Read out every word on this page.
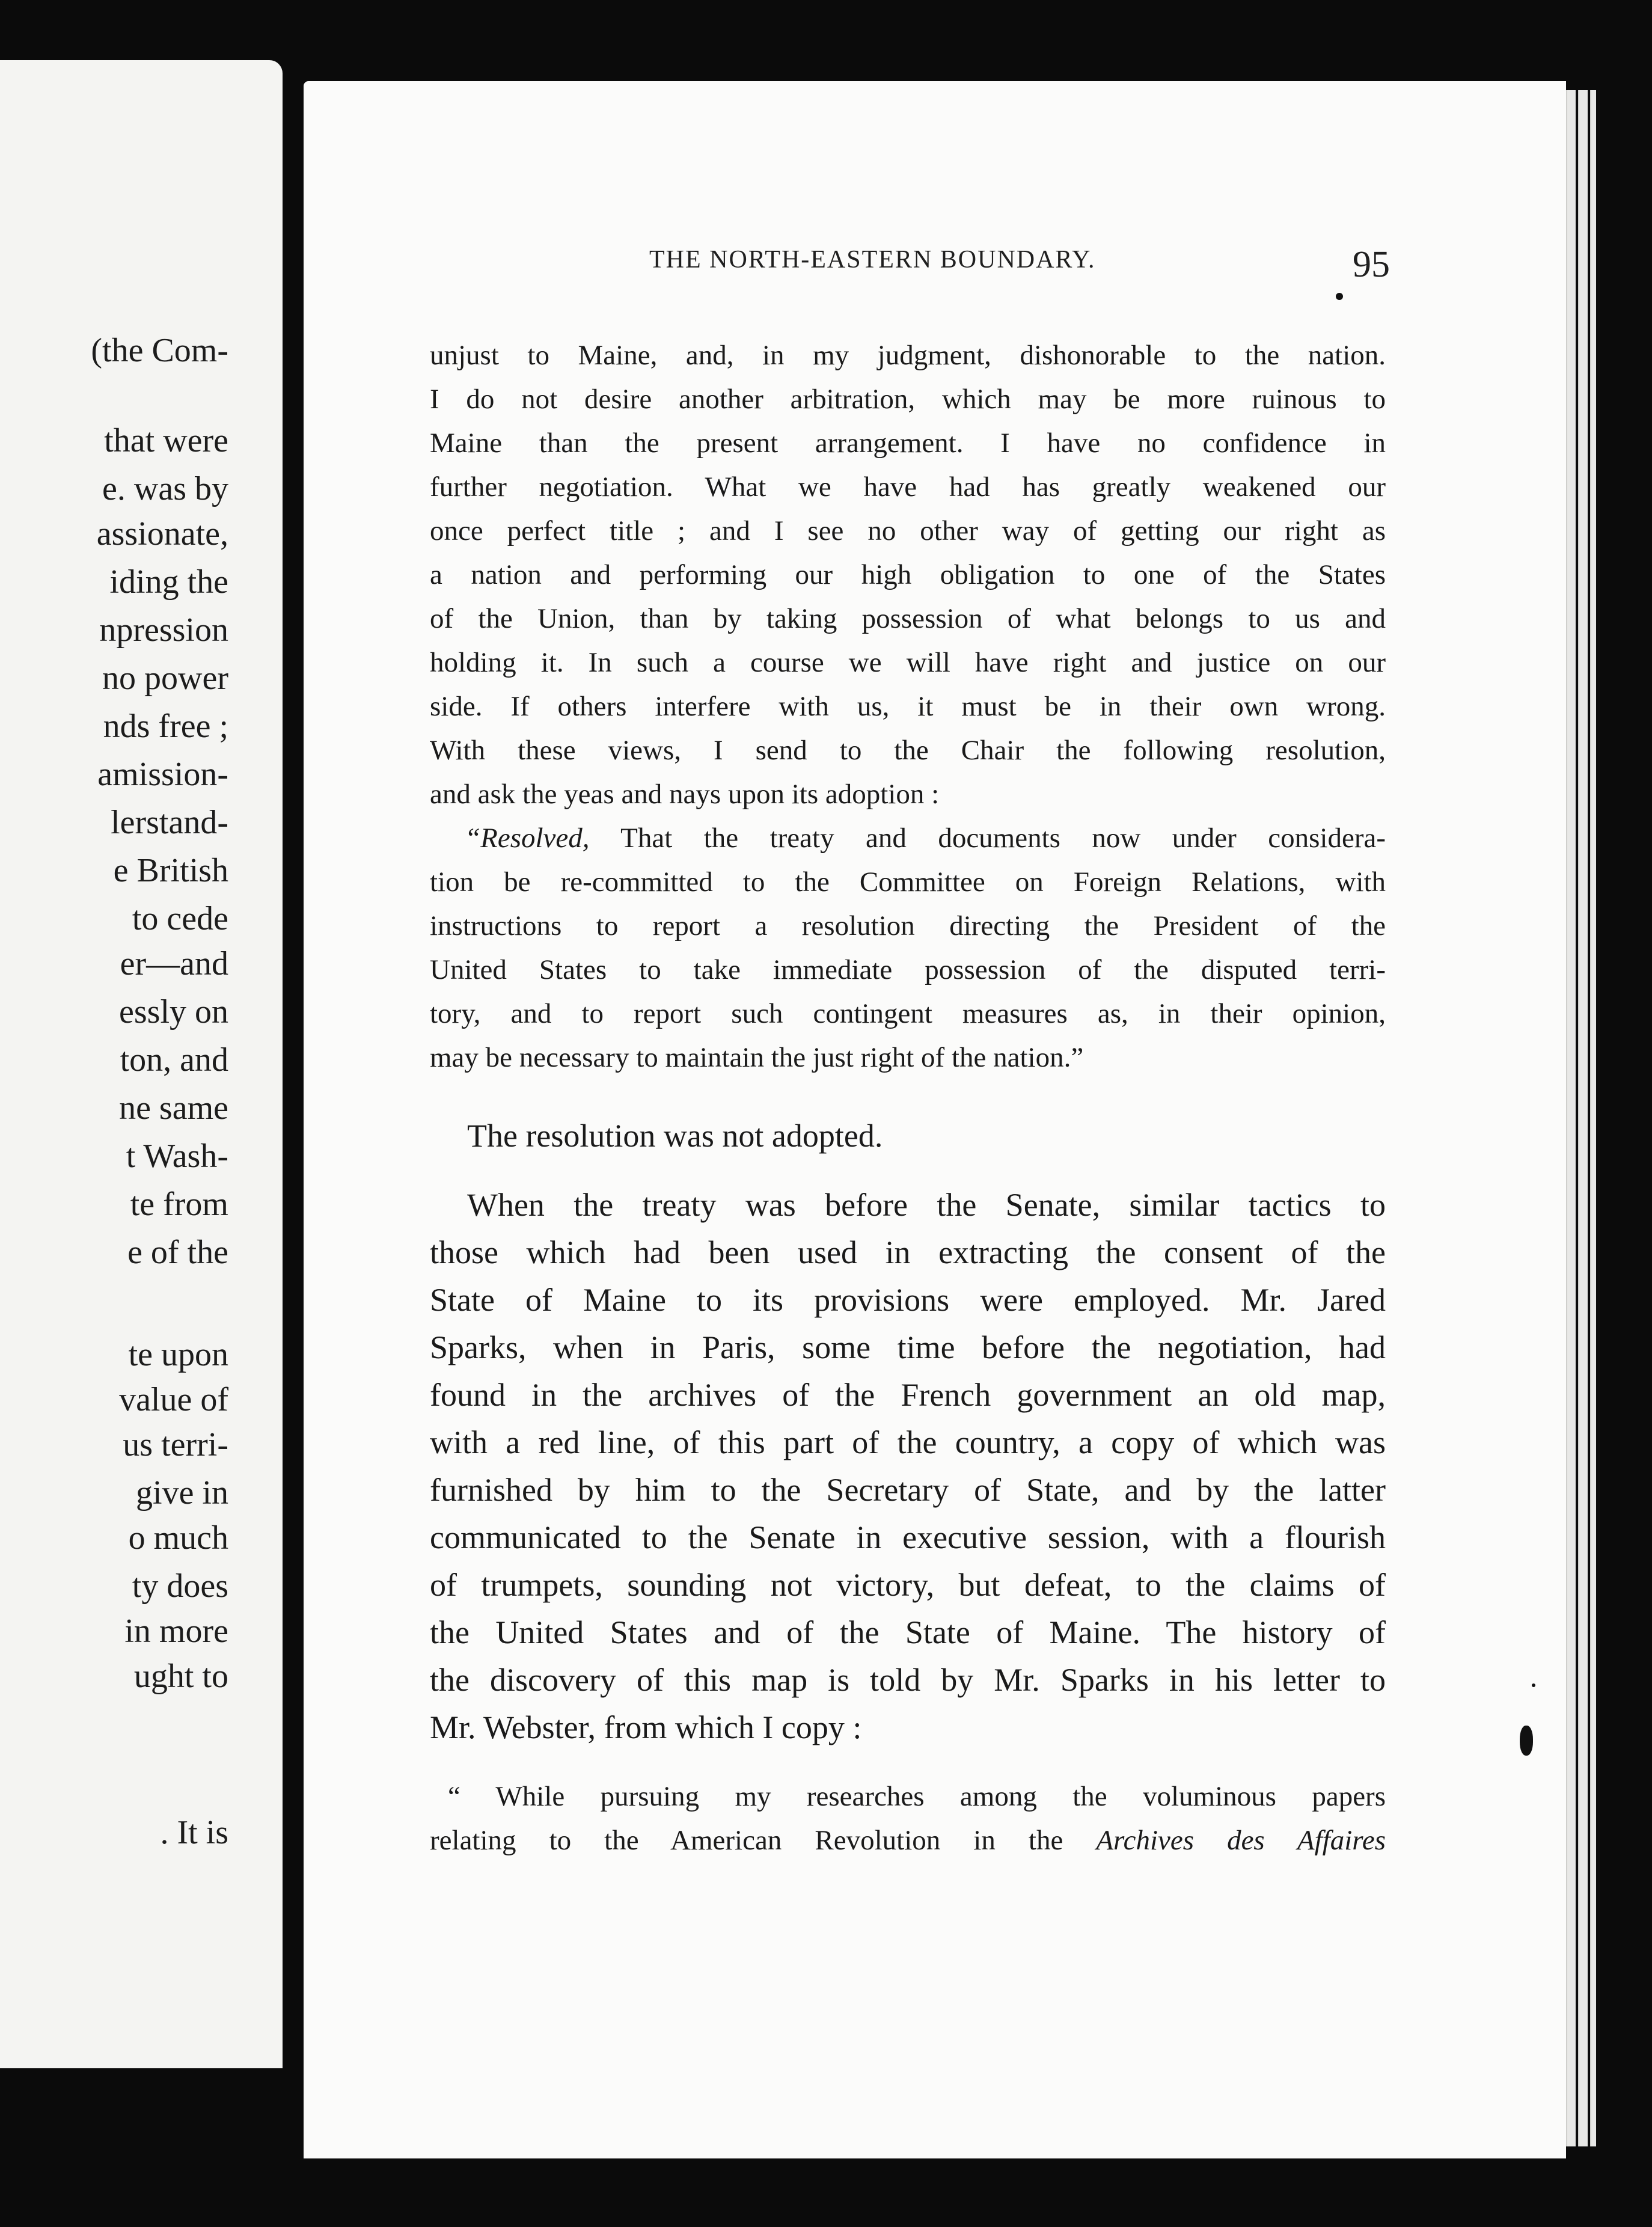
(the Com-
that were
e. was by
assionate,
iding the
npression
no power
nds free ;
amission-
lerstand-
e British
to cede
er—and
essly on
ton, and
ne same
t Wash-
te from
e of the
te upon
value of
us terri-
give in
o much
ty does
in more
ught to
. It is
THE NORTH-EASTERN BOUNDARY.	95
unjust to Maine, and, in my judgment, dishonorable to the nation.
I do not desire another arbitration, which may be more ruinous to
Maine than the present arrangement. I have no confidence in
further negotiation. What we have had has greatly weakened our
once perfect title ; and I see no other way of getting our right as
a nation and performing our high obligation to one of the States
of the Union, than by taking possession of what belongs to us and
holding it. In such a course we will have right and justice on our
side. If others interfere with us, it must be in their own wrong.
With these views, I send to the Chair the following resolution,
and ask the yeas and nays upon its adoption :
“Resolved, That the treaty and documents now under considera-
tion be re-committed to the Committee on Foreign Relations, with
instructions to report a resolution directing the President of the
United States to take immediate possession of the disputed terri-
tory, and to report such contingent measures as, in their opinion,
may be necessary to maintain the just right of the nation.”
The resolution was not adopted.
When the treaty was before the Senate, similar tactics to
those which had been used in extracting the consent of the
State of Maine to its provisions were employed. Mr. Jared
Sparks, when in Paris, some time before the negotiation, had
found in the archives of the French government an old map,
with a red line, of this part of the country, a copy of which was
furnished by him to the Secretary of State, and by the latter
communicated to the Senate in executive session, with a flourish
of trumpets, sounding not victory, but defeat, to the claims of
the United States and of the State of Maine. The history of
the discovery of this map is told by Mr. Sparks in his letter to
Mr. Webster, from which I copy :
“ While pursuing my researches among the voluminous papers
relating to the American Revolution in the Archives des Affaires
